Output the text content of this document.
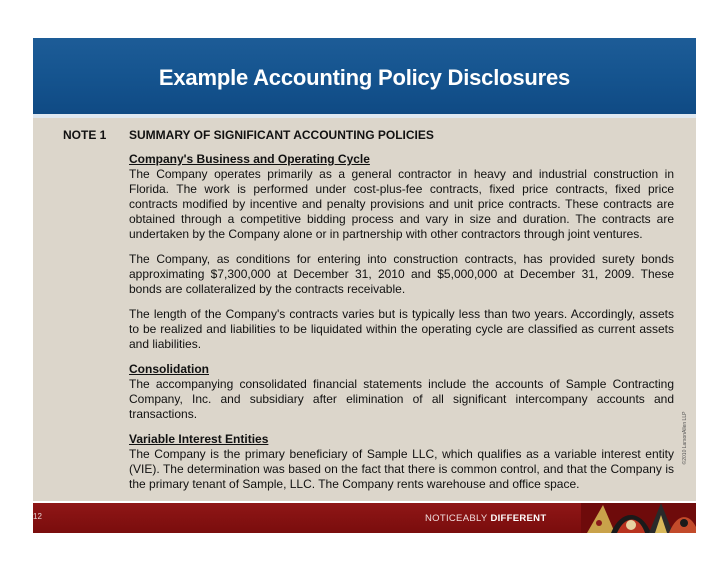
Example Accounting Policy Disclosures
NOTE 1 SUMMARY OF SIGNIFICANT ACCOUNTING POLICIES

Company's Business and Operating Cycle
The Company operates primarily as a general contractor in heavy and industrial construction in Florida. The work is performed under cost-plus-fee contracts, fixed price contracts, fixed price contracts modified by incentive and penalty provisions and unit price contracts. These contracts are obtained through a competitive bidding process and vary in size and duration. The contracts are undertaken by the Company alone or in partnership with other contractors through joint ventures.

The Company, as conditions for entering into construction contracts, has provided surety bonds approximating $7,300,000 at December 31, 2010 and $5,000,000 at December 31, 2009. These bonds are collateralized by the contracts receivable.

The length of the Company's contracts varies but is typically less than two years. Accordingly, assets to be realized and liabilities to be liquidated within the operating cycle are classified as current assets and liabilities.

Consolidation
The accompanying consolidated financial statements include the accounts of Sample Contracting Company, Inc. and subsidiary after elimination of all significant intercompany accounts and transactions.

Variable Interest Entities
The Company is the primary beneficiary of Sample LLC, which qualifies as a variable interest entity (VIE). The determination was based on the fact that there is common control, and that the Company is the primary tenant of Sample, LLC. The Company rents warehouse and office space.

©2010 LarsonAllen LLP
12	NOTICEABLY DIFFERENT
